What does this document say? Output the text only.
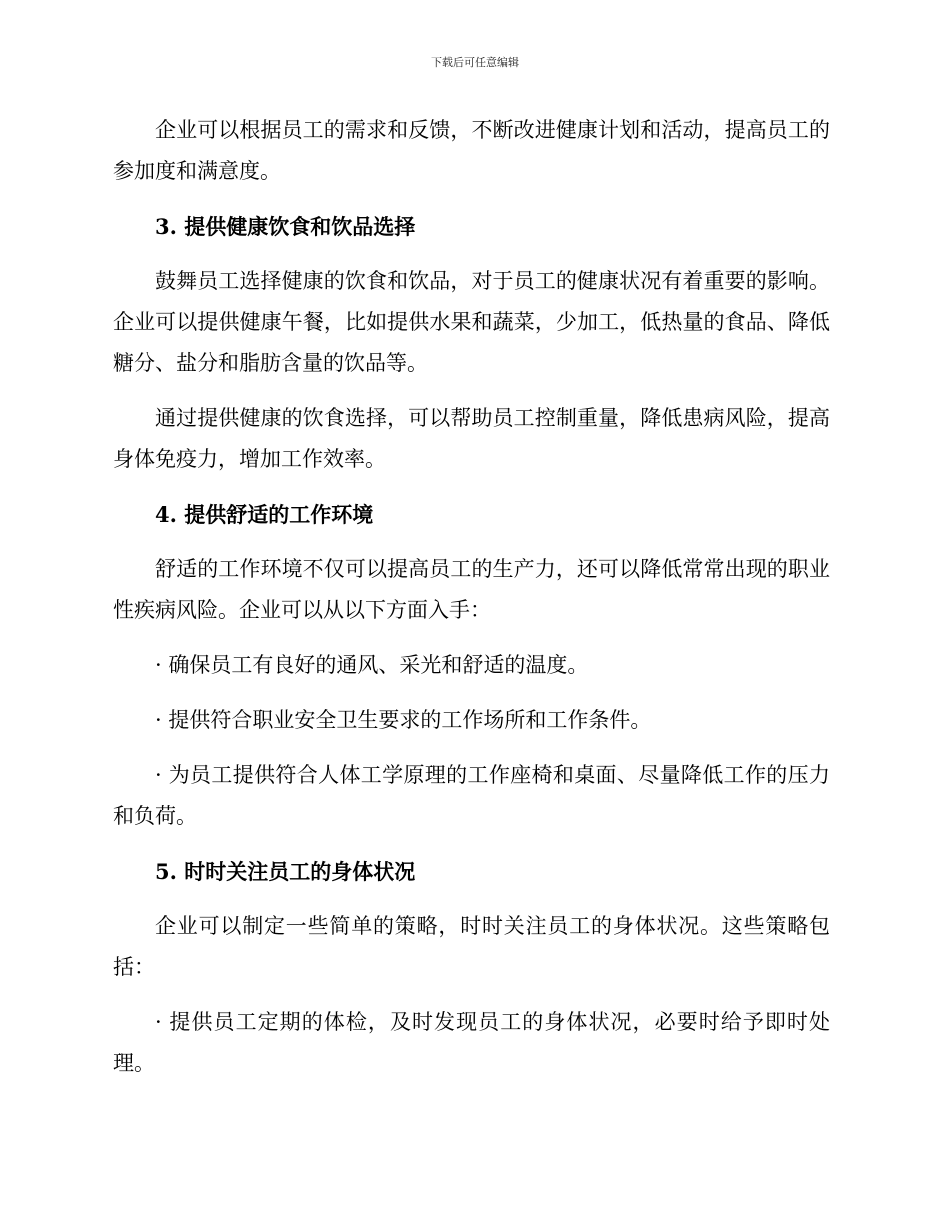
下载后可任意编辑

企业可以根据员工的需求和反馈，不断改进健康计划和活动，提高员工的参加度和满意度。

3. 提供健康饮食和饮品选择

鼓舞员工选择健康的饮食和饮品，对于员工的健康状况有着重要的影响。企业可以提供健康午餐，比如提供水果和蔬菜，少加工，低热量的食品、降低糖分、盐分和脂肪含量的饮品等。

通过提供健康的饮食选择，可以帮助员工控制重量，降低患病风险，提高身体免疫力，增加工作效率。

4. 提供舒适的工作环境

舒适的工作环境不仅可以提高员工的生产力，还可以降低常常出现的职业性疾病风险。企业可以从以下方面入手：

· 确保员工有良好的通风、采光和舒适的温度。

· 提供符合职业安全卫生要求的工作场所和工作条件。

· 为员工提供符合人体工学原理的工作座椅和桌面、尽量降低工作的压力和负荷。

5. 时时关注员工的身体状况

企业可以制定一些简单的策略，时时关注员工的身体状况。这些策略包括：

· 提供员工定期的体检，及时发现员工的身体状况，必要时给予即时处理。
